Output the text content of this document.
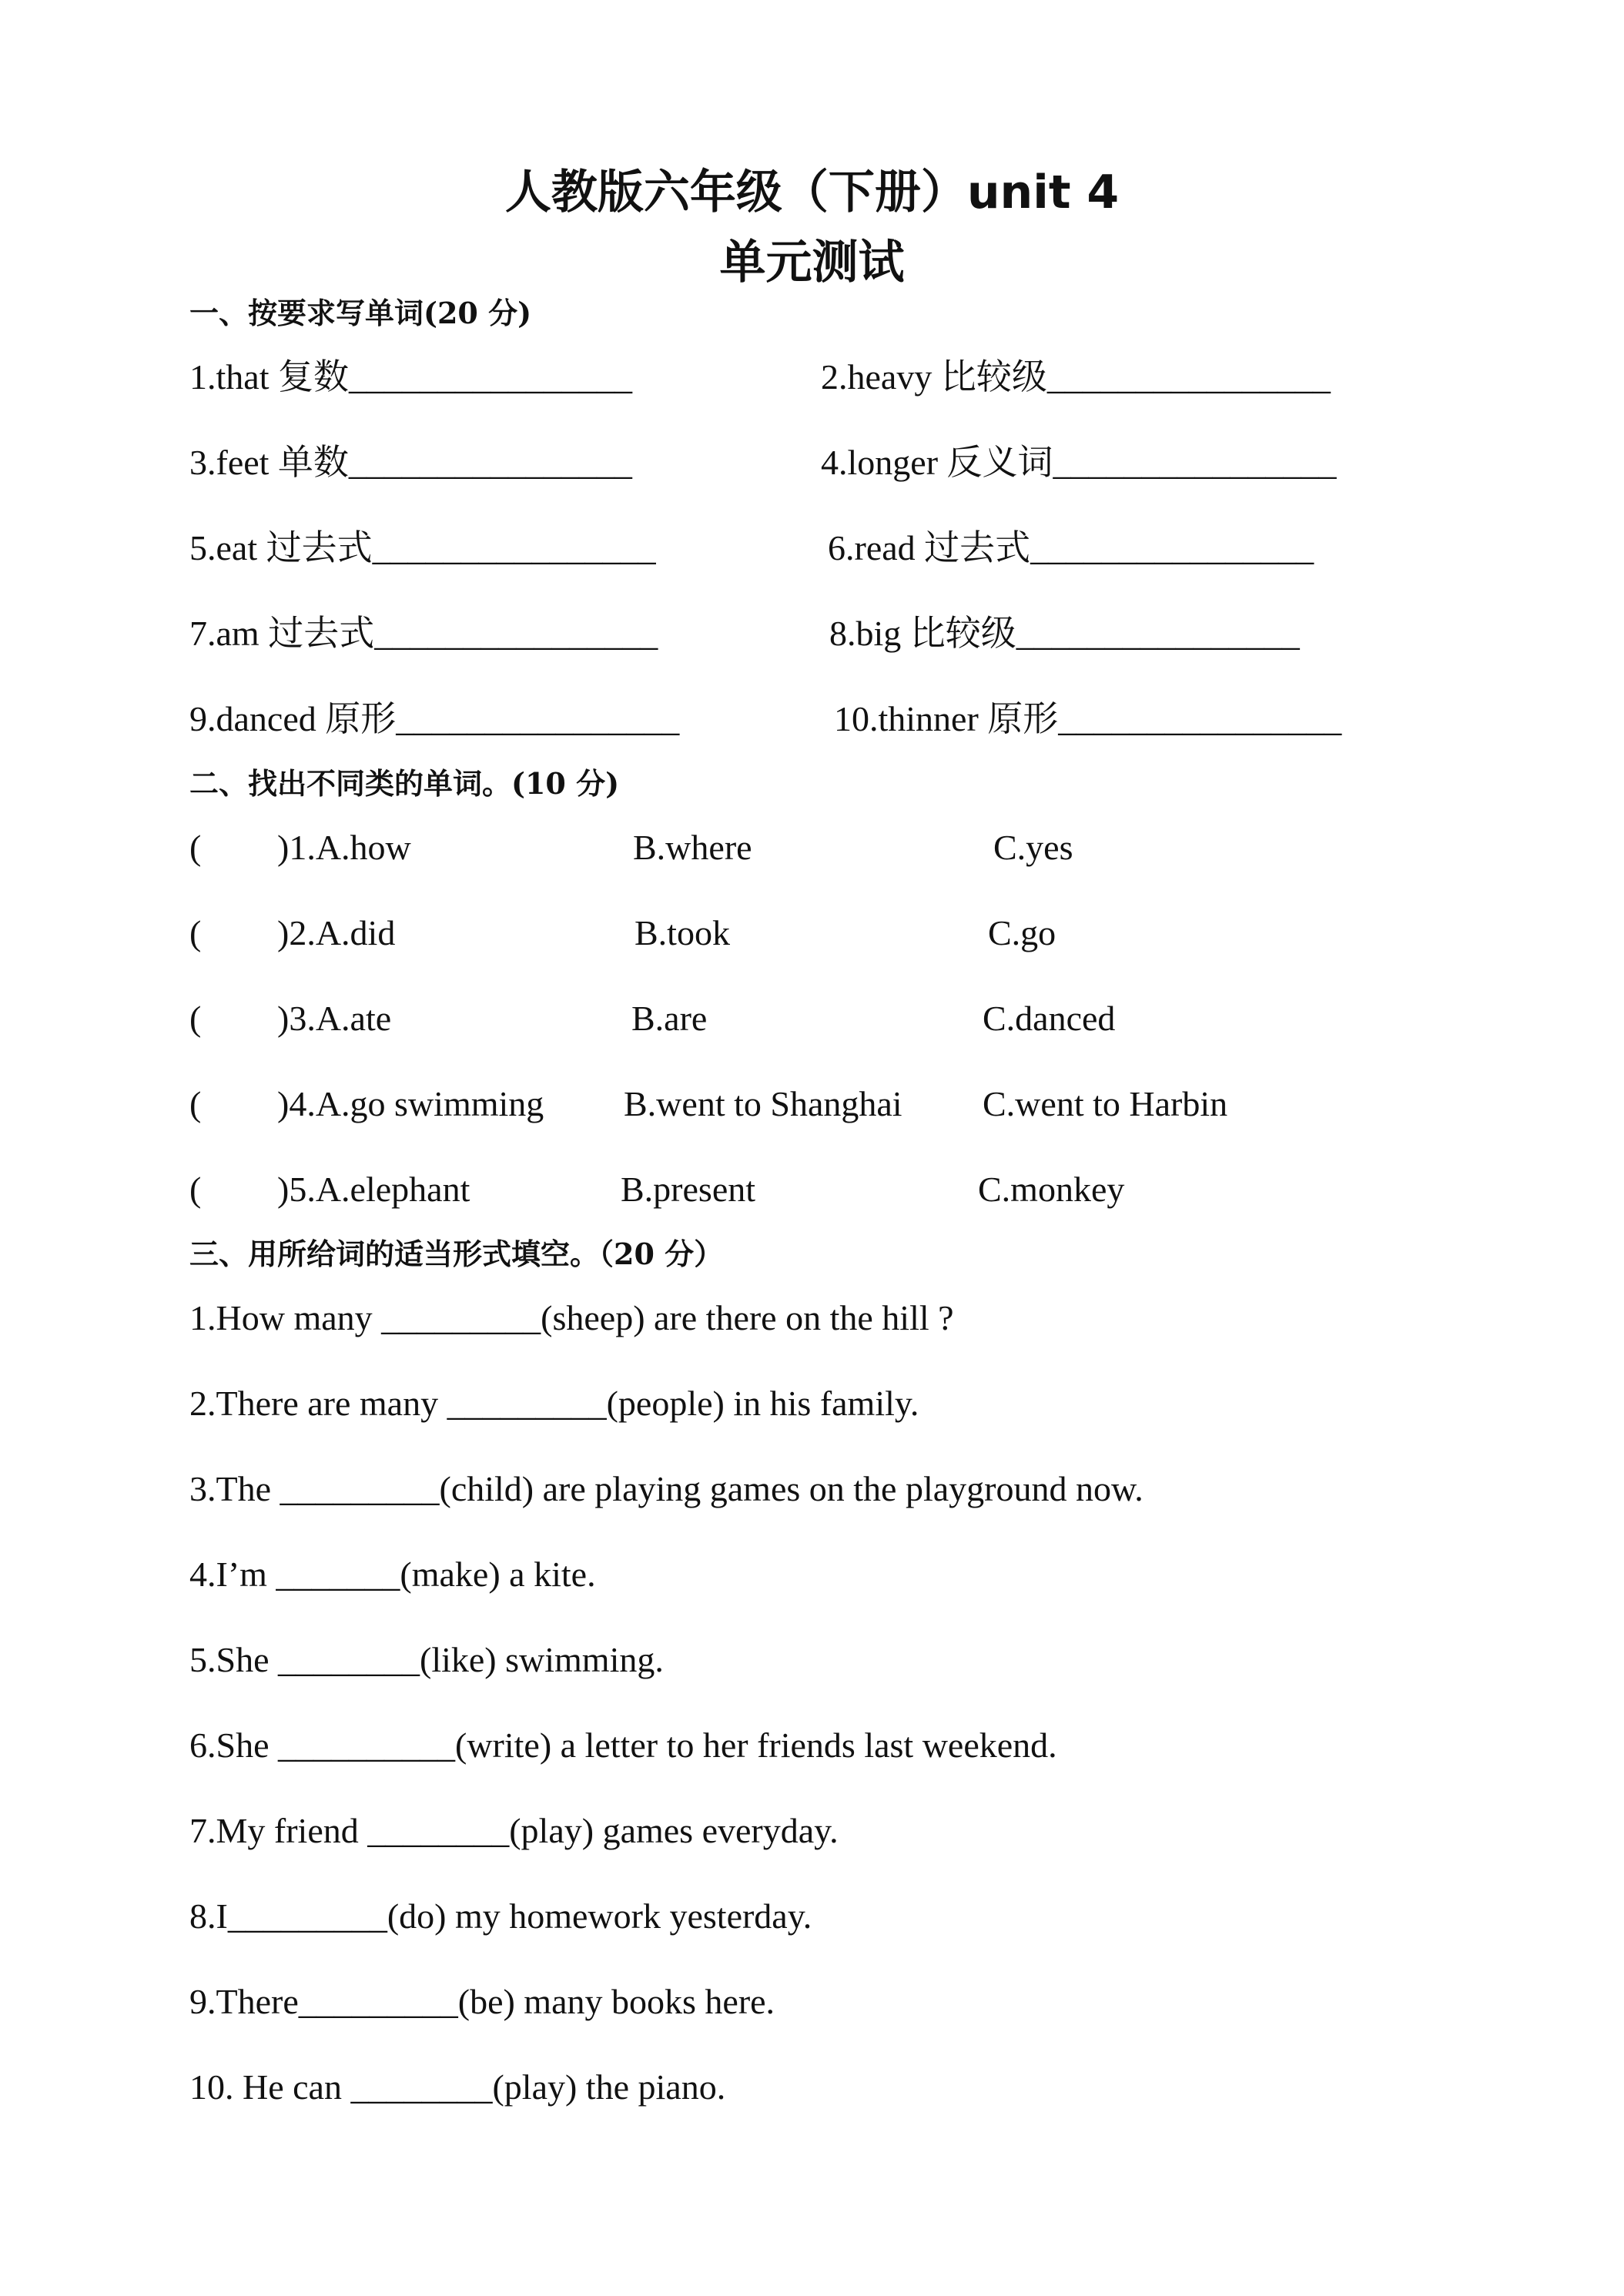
人教版六年级（下册）unit 4
单元测试
一、按要求写单词(20 分)
1.that 复数________________	2.heavy 比较级________________
3.feet 单数________________	4.longer 反义词________________
5.eat 过去式________________	6.read 过去式________________
7.am 过去式________________	8.big 比较级________________
9.danced 原形________________	10.thinner 原形________________
二、找出不同类的单词。(10 分)
( )1.A.how	B.where	C.yes
( )2.A.did	B.took	C.go
( )3.A.ate	B.are	C.danced
( )4.A.go swimming B.went to Shanghai C.went to Harbin
( )5.A.elephant	B.present	C.monkey
三、用所给词的适当形式填空。（20 分）
1.How many _________(sheep) are there on the hill ?
2.There are many _________(people) in his family.
3.The _________(child) are playing games on the playground now.
4.I’m _______(make) a kite.
5.She ________(like) swimming.
6.She __________(write) a letter to her friends last weekend.
7.My friend ________(play) games everyday.
8.I_________(do) my homework yesterday.
9.There_________(be) many books here.
10. He can ________(play) the piano.
